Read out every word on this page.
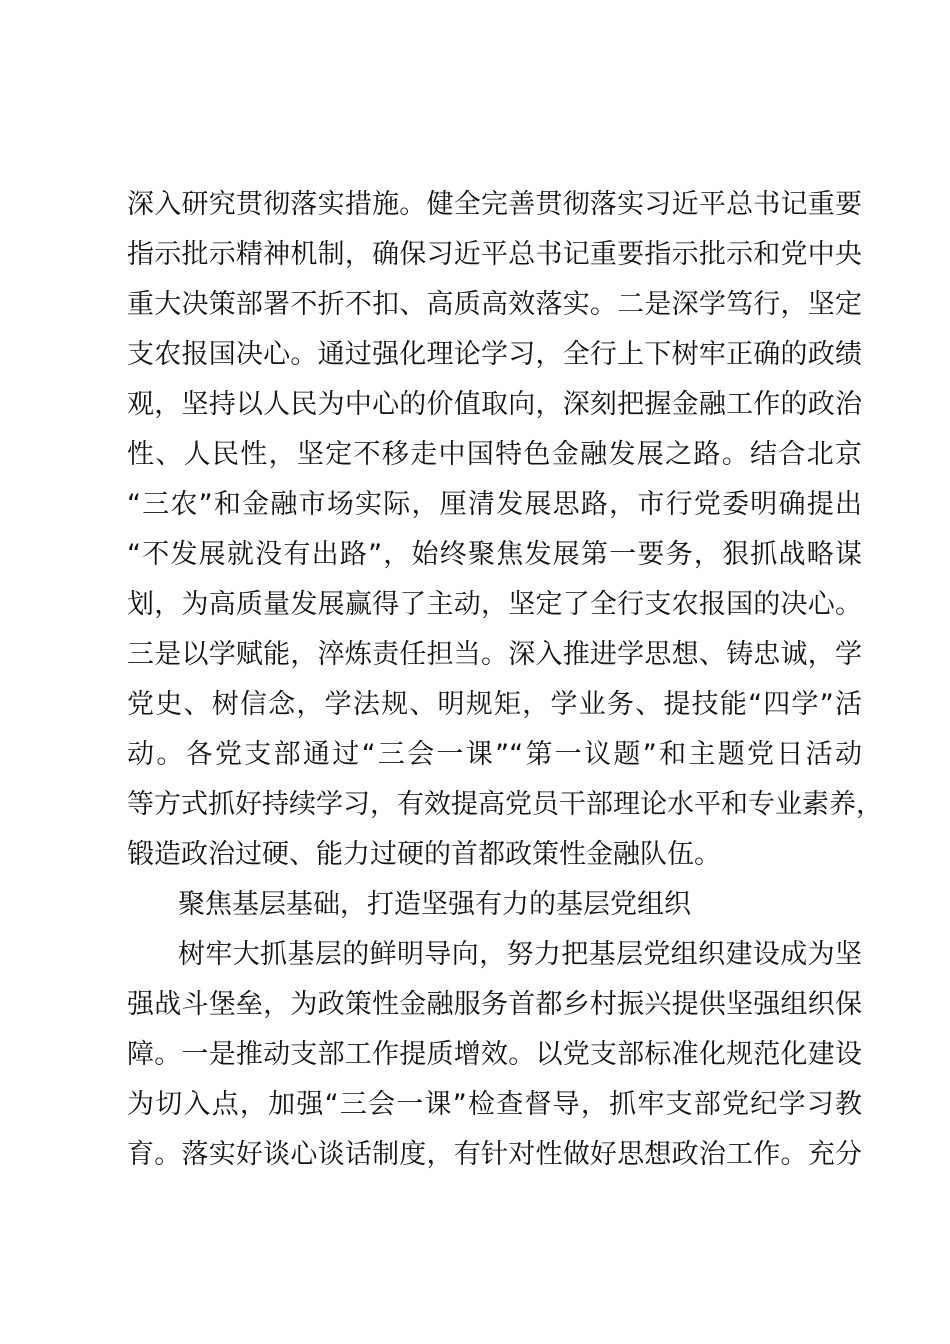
深入研究贯彻落实措施。健全完善贯彻落实习近平总书记重要
指示批示精神机制，确保习近平总书记重要指示批示和党中央
重大决策部署不折不扣、高质高效落实。二是深学笃行，坚定
支农报国决心。通过强化理论学习，全行上下树牢正确的政绩
观，坚持以人民为中心的价值取向，深刻把握金融工作的政治
性、人民性，坚定不移走中国特色金融发展之路。结合北京
“三农”和金融市场实际，厘清发展思路，市行党委明确提出
“不发展就没有出路”，始终聚焦发展第一要务，狠抓战略谋
划，为高质量发展赢得了主动，坚定了全行支农报国的决心。
三是以学赋能，淬炼责任担当。深入推进学思想、铸忠诚，学
党史、树信念，学法规、明规矩，学业务、提技能“四学”活
动。各党支部通过“三会一课”“第一议题”和主题党日活动
等方式抓好持续学习，有效提高党员干部理论水平和专业素养，
锻造政治过硬、能力过硬的首都政策性金融队伍。
聚焦基层基础，打造坚强有力的基层党组织
树牢大抓基层的鲜明导向，努力把基层党组织建设成为坚
强战斗堡垒，为政策性金融服务首都乡村振兴提供坚强组织保
障。一是推动支部工作提质增效。以党支部标准化规范化建设
为切入点，加强“三会一课”检查督导，抓牢支部党纪学习教
育。落实好谈心谈话制度，有针对性做好思想政治工作。充分
